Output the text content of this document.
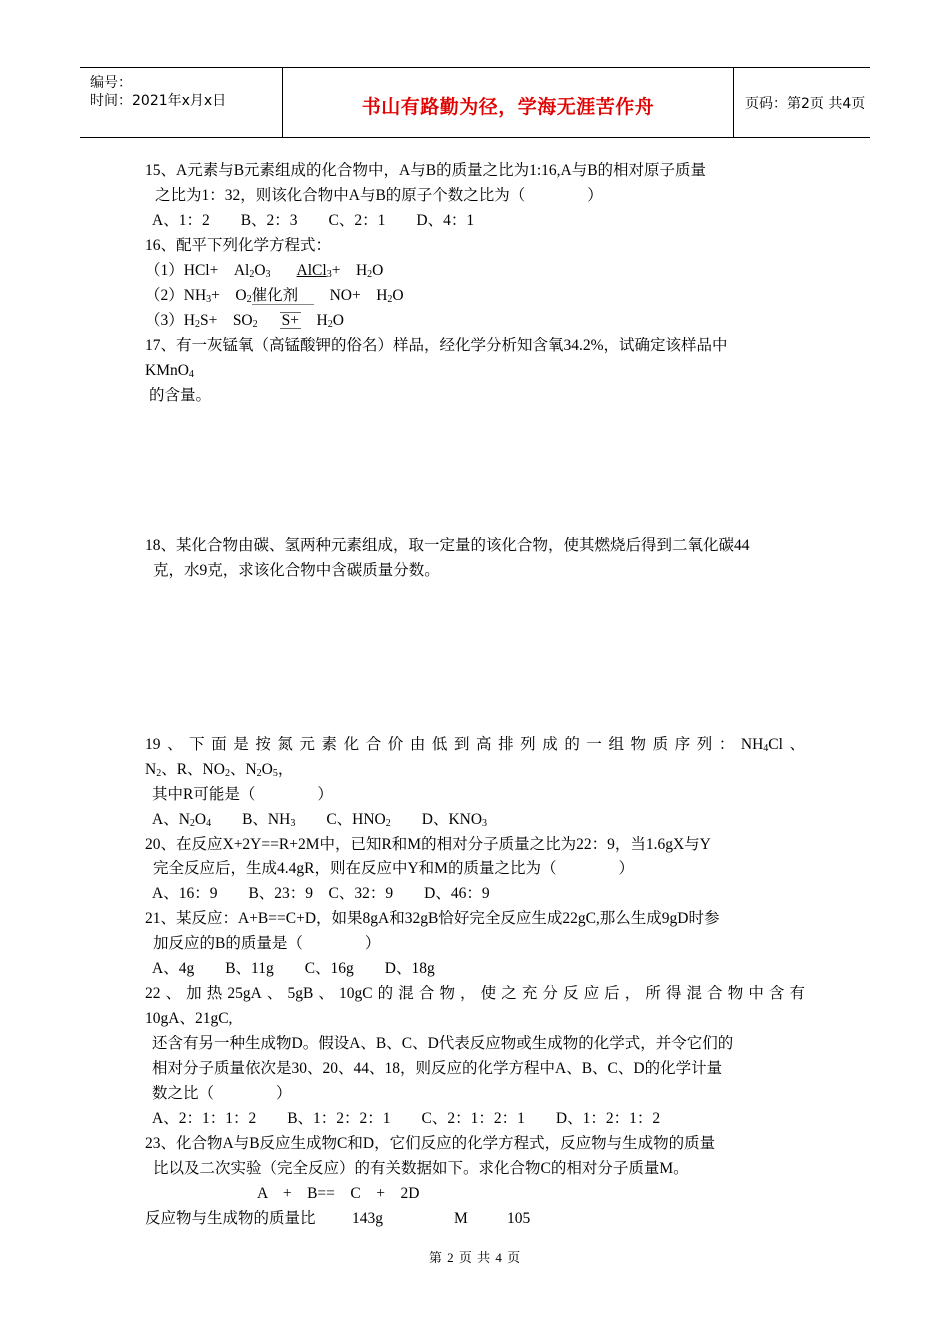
编号：
时间：2021年x月x日	书山有路勤为径，学海无涯苦作舟	页码：第2页 共4页
15、A元素与B元素组成的化合物中，A与B的质量之比为1:16,A与B的相对原子质量
之比为1：32，则该化合物中A与B的原子个数之比为（　　　　）
A、1：2　　B、2：3　　C、2：1　　D、4：1
16、配平下列化学方程式：
（1）HCl+　$Al_2O_3$　 AlCl$_3$+　$H_2O$
$(2)NH_3+$　$O_2$催化剂　NO+　$H_2O$
$(3)H_2S+$　$SO_2$ S+　$H_2O$
17、有一灰锰氧（高锰酸钾的俗名）样品，经化学分析知含氧34.2%，试确定该样品中
KMnO$_4$
的含量。
18、某化合物由碳、氢两种元素组成，取一定量的该化合物，使其燃烧后得到二氧化碳44
克，水9克，求该化合物中含碳质量分数。
19、下面是按氮元素化合价由低到高排列成的一组物质序列：$NH_4Cl$、
$N_2$、R、$NO_2$、$N_2O_5$，
其中R可能是（　　　　）
A、$N_2O_4$　　B、$NH_3$　　C、$HNO_2$　　D、$KNO_3$
20、在反应X+2Y==R+2M中，已知R和M的相对分子质量之比为22：9，当1.6gX与Y
完全反应后，生成4.4gR，则在反应中Y和M的质量之比为（　　　　）
A、16：9　　B、23：9　C、32：9　　D、46：9
21、某反应：A+B==C+D，如果8gA和32gB恰好完全反应生成22gC,那么生成9gD时参
加反应的B的质量是（　　　　）
A、4g　　B、11g　　C、16g　　D、18g
22、加热25gA、5gB、10gC的混合物，使之充分反应后，所得混合物中含有
10gA、21gC,
还含有另一种生成物D。假设A、B、C、D代表反应物或生成物的化学式，并令它们的
相对分子质量依次是30、20、44、18，则反应的化学方程中A、B、C、D的化学计量
数之比（　　　　）
A、2：1：1：2　　B、1：2：2：1　　C、2：1：2：1　　D、1：2：1：2
23、化合物A与B反应生成物C和D，它们反应的化学方程式，反应物与生成物的质量
比以及二次实验（完全反应）的有关数据如下。求化合物C的相对分子质量M。
A　+　B==　C　+　2D
反应物与生成物的质量比 143g	M	105
第 2 页 共 4 页
